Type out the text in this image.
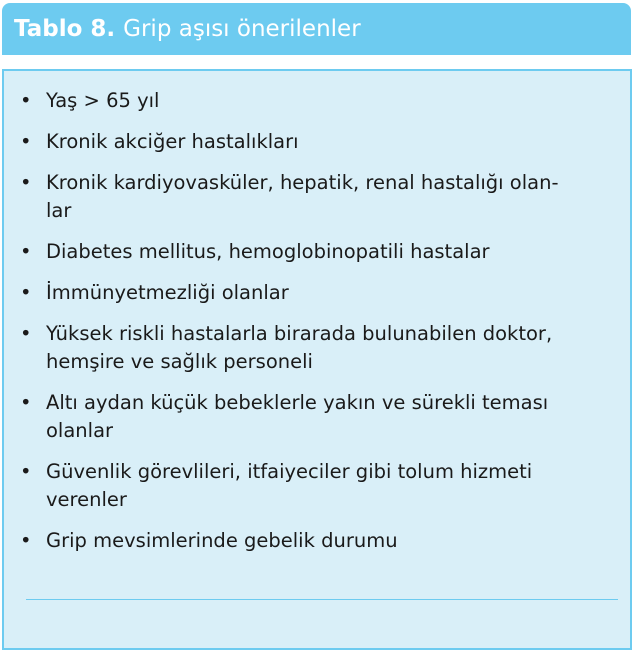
Tablo 8. Grip aşısı önerilenler
• Yaş > 65 yıl
• Kronik akciğer hastalıkları
• Kronik kardiyovasküler, hepatik, renal hastalığı olan-
lar
• Diabetes mellitus, hemoglobinopatili hastalar
• İmmünyetmezliği olanlar
• Yüksek riskli hastalarla birarada bulunabilen doktor,
hemşire ve sağlık personeli
• Altı aydan küçük bebeklerle yakın ve sürekli teması
olanlar
• Güvenlik görevlileri, itfaiyeciler gibi tolum hizmeti
verenler
• Grip mevsimlerinde gebelik durumu
